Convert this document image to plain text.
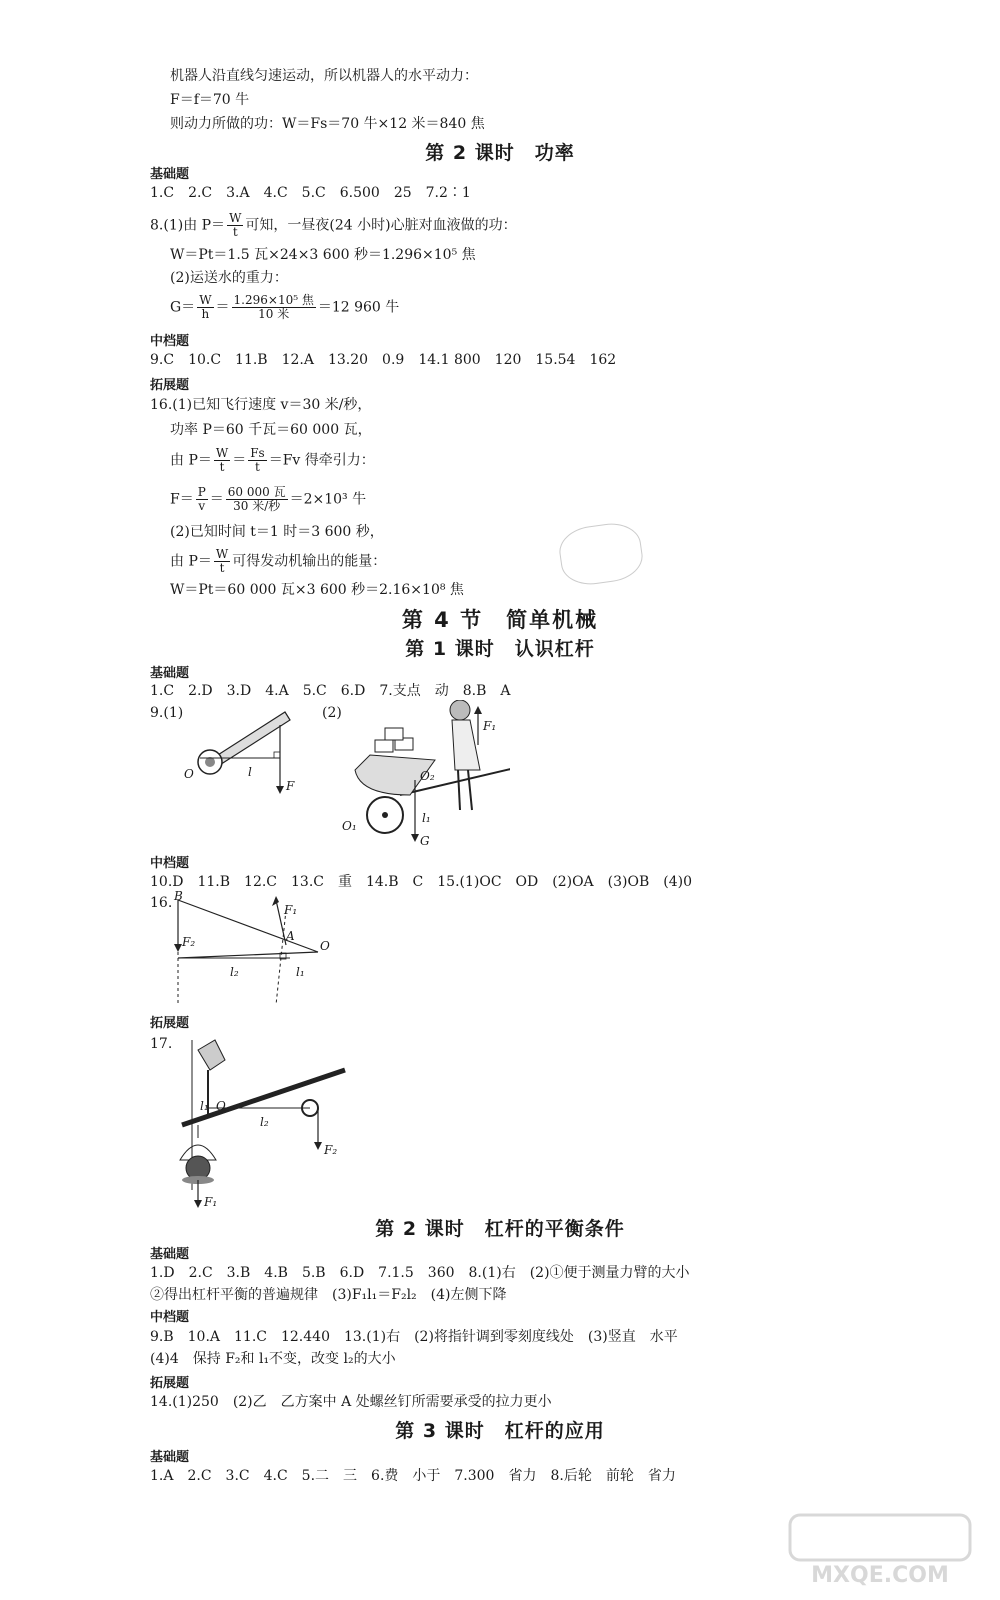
机器人沿直线匀速运动，所以机器人的水平动力：
F＝f＝70 牛
则动力所做的功：W＝Fs＝70 牛×12 米＝840 焦
第 2 课时　功率
基础题
1.C　2.C　3.A　4.C　5.C　6.500　25　7.2∶1
8.(1)由 $P= \frac{W}{t}$ 可知，一昼夜(24 小时)心脏对血液做的功：
W＝Pt＝1.5 瓦×24×3 600 秒＝1.296×10⁵ 焦
(2)运送水的重力：
$G= \frac{W}{h} = \frac{\text{1.296×10⁵ 焦}}{\text{10 米}} =12$ 960 牛
中档题
9.C　10.C　11.B　12.A　13.20　0.9　14.1 800　120　15.54　162
拓展题
16.(1)已知飞行速度 v＝30 米/秒，
功率 P＝60 千瓦＝60 000 瓦，
由 $P= \frac{W}{t} = \frac{Fs}{t} =Fv$ 得牵引力：
$F= \frac{P}{v} = \frac{\text{60 000 瓦}}{\text{30 米/秒}} =2\times 10^3$ 牛
(2)已知时间 t＝1 时＝3 600 秒，
由 $P= \frac{W}{t}$ 可得发动机输出的能量：
W＝Pt＝60 000 瓦×3 600 秒＝2.16×10⁸ 焦
第 4 节　简单机械
第 1 课时　认识杠杆
基础题
1.C　2.D　3.D　4.A　5.C　6.D　7.支点　动　8.B　A
9.(1)	(2)
O	l
F
F₁
O₂
O₁
l₁
G
中档题
10.D　11.B　12.C　13.C　重　14.B　C　15.(1)OC　OD　(2)OA　(3)OB　(4)0
16. B
F₁
F₂	A
O
l₂	l₁
拓展题
17.
l₁ O
l₂
F₂
F₁
第 2 课时　杠杆的平衡条件
基础题
1.D　2.C　3.B　4.B　5.B　6.D　7.1.5　360　8.(1)右　(2)①便于测量力臂的大小
②得出杠杆平衡的普遍规律　(3)F₁l₁＝F₂l₂　(4)左侧下降
中档题
9.B　10.A　11.C　12.440　13.(1)右　(2)将指针调到零刻度线处　(3)竖直　水平
(4)4　保持 F₂和 l₁不变，改变 l₂的大小
拓展题
14.(1)250　(2)乙　乙方案中 A 处螺丝钉所需要承受的拉力更小
第 3 课时　杠杆的应用
基础题
1.A　2.C　3.C　4.C　5.二　三　6.费　小于　7.300　省力　8.后轮　前轮　省力
MXQE.COM
